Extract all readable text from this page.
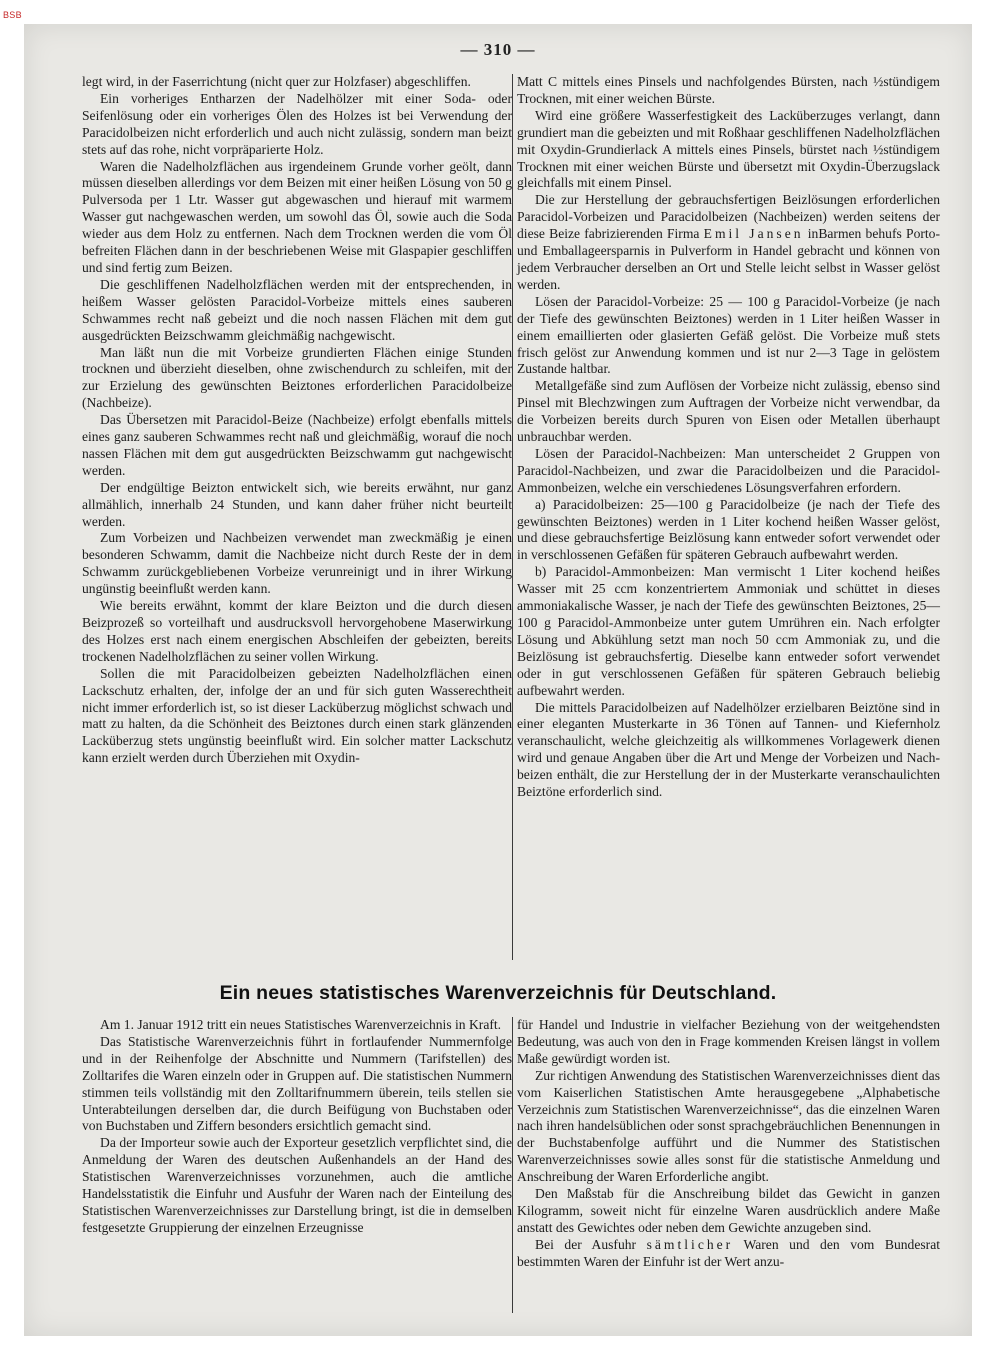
BSB
— 310 —

legt wird, in der Faserrichtung (nicht quer zur Holzfaser) abgeschliffen.

Ein vorheriges Entharzen der Nadelhölzer mit einer Soda- oder Seifenlösung oder ein vorheriges Ölen des Holzes ist bei Verwendung der Paracidolbeizen nicht erforderlich und auch nicht zulässig, sondern man beizt stets auf das rohe, nicht vorpräparierte Holz.

Waren die Nadelholzflächen aus irgendeinem Grunde vorher geölt, dann müssen dieselben allerdings vor dem Beizen mit einer heißen Lösung von 50 g Pulversoda per 1 Ltr. Wasser gut abgewaschen und hierauf mit warmem Wasser gut nachgewaschen werden, um sowohl das Öl, sowie auch die Soda wieder aus dem Holz zu entfernen. Nach dem Trocknen werden die vom Öl befreiten Flächen dann in der beschriebenen Weise mit Glaspapier geschliffen und sind fertig zum Beizen.

Die geschliffenen Nadelholzflächen werden mit der entsprechenden, in heißem Wasser gelösten Paracidol-Vorbeize mittels eines sauberen Schwammes recht naß gebeizt und die noch nassen Flächen mit dem gut ausgedrückten Beizschwamm gleichmäßig nachgewischt.

Man läßt nun die mit Vorbeize grundierten Flächen einige Stunden trocknen und überzieht dieselben, ohne zwischendurch zu schleifen, mit der zur Erzielung des gewünschten Beiztones erforderlichen Paracidolbeize (Nachbeize).

Das Übersetzen mit Paracidol-Beize (Nachbeize) erfolgt ebenfalls mittels eines ganz sauberen Schwammes recht naß und gleichmäßig, worauf die noch nassen Flächen mit dem gut ausgedrückten Beizschwamm gut nachgewischt werden.

Der endgültige Beizton entwickelt sich, wie bereits erwähnt, nur ganz allmählich, innerhalb 24 Stunden, und kann daher früher nicht beurteilt werden.

Zum Vorbeizen und Nachbeizen verwendet man zweckmäßig je einen besonderen Schwamm, damit die Nachbeize nicht durch Reste der in dem Schwamm zurückgebliebenen Vorbeize verunreinigt und in ihrer Wirkung ungünstig beeinflußt werden kann.

Wie bereits erwähnt, kommt der klare Beizton und die durch diesen Beizprozeß so vorteilhaft und ausdrucksvoll hervorgehobene Maserwirkung des Holzes erst nach einem energischen Abschleifen der gebeizten, bereits trockenen Nadelholzflächen zu seiner vollen Wirkung.

Sollen die mit Paracidolbeizen gebeizten Nadelholzflächen einen Lackschutz erhalten, der, infolge der an und für sich guten Wasserechtheit nicht immer erforderlich ist, so ist dieser Lacküberzug möglichst schwach und matt zu halten, da die Schönheit des Beiztones durch einen stark glänzenden Lacküberzug stets ungünstig beeinflußt wird. Ein solcher matter Lackschutz kann erzielt werden durch Überziehen mit Oxydin-

Matt C mittels eines Pinsels und nachfolgendes Bürsten, nach ½stündigem Trocknen, mit einer weichen Bürste.

Wird eine größere Wasserfestigkeit des Lacküberzuges verlangt, dann grundiert man die gebeizten und mit Roßhaar geschliffenen Nadelholzflächen mit Oxydin-Grundierlack A mittels eines Pinsels, bürstet nach ½stündigem Trocknen mit einer weichen Bürste und übersetzt mit Oxydin-Überzugslack gleichfalls mit einem Pinsel.

Die zur Herstellung der gebrauchsfertigen Beizlösungen erforderlichen Paracidol-Vorbeizen und Paracidolbeizen (Nachbeizen) werden seitens der diese Beize fabrizierenden Firma Emil Jansen inBarmen behufs Porto- und Emballageersparnis in Pulverform in Handel gebracht und können von jedem Verbraucher derselben an Ort und Stelle leicht selbst in Wasser gelöst werden.

Lösen der Paracidol-Vorbeize: 25 — 100 g Paracidol-Vorbeize (je nach der Tiefe des gewünschten Beiztones) werden in 1 Liter heißen Wasser in einem emaillierten oder glasierten Gefäß gelöst. Die Vorbeize muß stets frisch gelöst zur Anwendung kommen und ist nur 2—3 Tage in gelöstem Zustande haltbar.

Metallgefäße sind zum Auflösen der Vorbeize nicht zulässig, ebenso sind Pinsel mit Blechzwingen zum Auftragen der Vorbeize nicht verwendbar, da die Vorbeizen bereits durch Spuren von Eisen oder Metallen überhaupt unbrauchbar werden.

Lösen der Paracidol-Nachbeizen: Man unterscheidet 2 Gruppen von Paracidol-Nachbeizen, und zwar die Paracidolbeizen und die Paracidol-Ammonbeizen, welche ein verschiedenes Lösungsverfahren erfordern.

a) Paracidolbeizen: 25—100 g Paracidolbeize (je nach der Tiefe des gewünschten Beiztones) werden in 1 Liter kochend heißen Wasser gelöst, und diese gebrauchsfertige Beizlösung kann entweder sofort verwendet oder in verschlossenen Gefäßen für späteren Gebrauch aufbewahrt werden.

b) Paracidol-Ammonbeizen: Man vermischt 1 Liter kochend heißes Wasser mit 25 ccm konzentriertem Ammoniak und schüttet in dieses ammoniakalische Wasser, je nach der Tiefe des gewünschten Beiztones, 25—100 g Paracidol-Ammonbeize unter gutem Umrühren ein. Nach erfolgter Lösung und Abkühlung setzt man noch 50 ccm Ammoniak zu, und die Beizlösung ist gebrauchsfertig. Dieselbe kann entweder sofort verwendet oder in gut verschlossenen Gefäßen für späteren Gebrauch beliebig aufbewahrt werden.

Die mittels Paracidolbeizen auf Nadelhölzer erzielbaren Beiztöne sind in einer eleganten Musterkarte in 36 Tönen auf Tannen- und Kiefernholz veranschaulicht, welche gleichzeitig als willkommenes Vorlagewerk dienen wird und genaue Angaben über die Art und Menge der Vorbeizen und Nachbeizen enthält, die zur Herstellung der in der Musterkarte veranschaulichten Beiztöne erforderlich sind.

Ein neues statistisches Warenverzeichnis für Deutschland.

Am 1. Januar 1912 tritt ein neues Statistisches Warenverzeichnis in Kraft.

Das Statistische Warenverzeichnis führt in fortlaufender Nummernfolge und in der Reihenfolge der Abschnitte und Nummern (Tarifstellen) des Zolltarifes die Waren einzeln oder in Gruppen auf. Die statistischen Nummern stimmen teils vollständig mit den Zolltarifnummern überein, teils stellen sie Unterabteilungen derselben dar, die durch Beifügung von Buchstaben oder von Buchstaben und Ziffern besonders ersichtlich gemacht sind.

Da der Importeur sowie auch der Exporteur gesetzlich verpflichtet sind, die Anmeldung der Waren des deutschen Außenhandels an der Hand des Statistischen Warenverzeichnisses vorzunehmen, auch die amtliche Handelsstatistik die Einfuhr und Ausfuhr der Waren nach der Einteilung des Statistischen Warenverzeichnisses zur Darstellung bringt, ist die in demselben festgesetzte Gruppierung der einzelnen Erzeugnisse

für Handel und Industrie in vielfacher Beziehung von der weitgehendsten Bedeutung, was auch von den in Frage kommenden Kreisen längst in vollem Maße gewürdigt worden ist.

Zur richtigen Anwendung des Statistischen Warenverzeichnisses dient das vom Kaiserlichen Statistischen Amte herausgegebene „Alphabetische Verzeichnis zum Statistischen Warenverzeichnisse“, das die einzelnen Waren nach ihren handelsüblichen oder sonst sprachgebräuchlichen Benennungen in der Buchstabenfolge aufführt und die Nummer des Statistischen Warenverzeichnisses sowie alles sonst für die statistische Anmeldung und Anschreibung der Waren Erforderliche angibt.

Den Maßstab für die Anschreibung bildet das Gewicht in ganzen Kilogramm, soweit nicht für einzelne Waren ausdrücklich andere Maße anstatt des Gewichtes oder neben dem Gewichte anzugeben sind.

Bei der Ausfuhr sämtlicher Waren und den vom Bundesrat bestimmten Waren der Einfuhr ist der Wert anzu-
